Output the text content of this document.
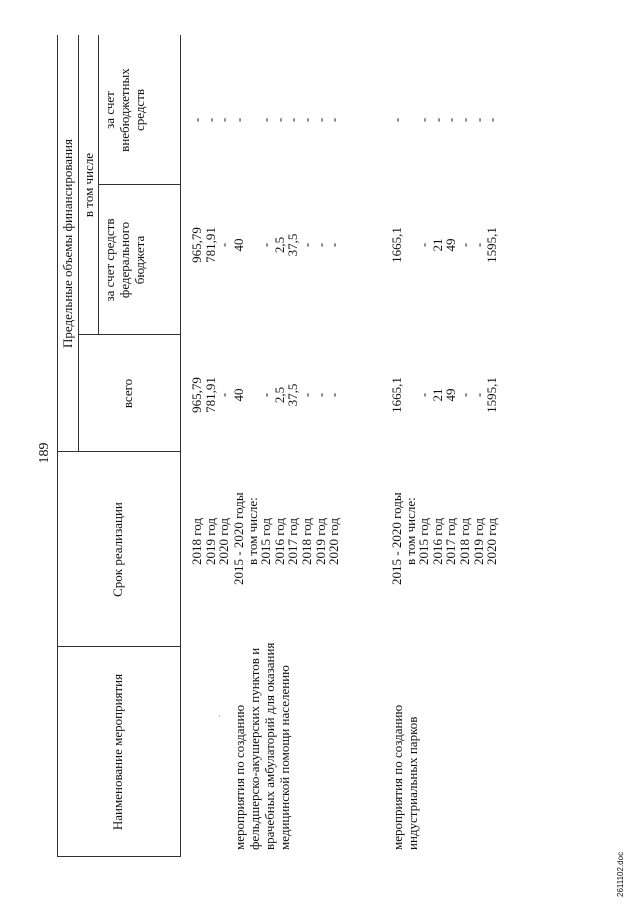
189
2611102.doc
Наименование мероприятия
Срок реализации
Предельные объемы финансирования
всего
в том числе
за счет средств федерального бюджета
за счет внебюджетных средств
.
2018 год
2019 год
2020 год
965,79
781,91
-
965,79
781,91
-
-
-
-
мероприятия по созданию фельдшерско-акушерских пунктов и врачебных амбулаторий для оказания медицинской помощи населению
2015 - 2020 годы
в том числе:
2015 год
2016 год
2017 год
2018 год
2019 год
2020 год
40 -
2,5
37,5
-
-
-
40 -
2,5
37,5
-
-
-
- -
-
-
-
-
-
мероприятия по созданию индустриальных парков
2015 - 2020 годы
в том числе:
2015 год
2016 год
2017 год
2018 год
2019 год
2020 год
1665,1 -
21
49
-
-
1595,1
1665,1 -
21
49
-
-
1595,1
- -
-
-
-
-
-
